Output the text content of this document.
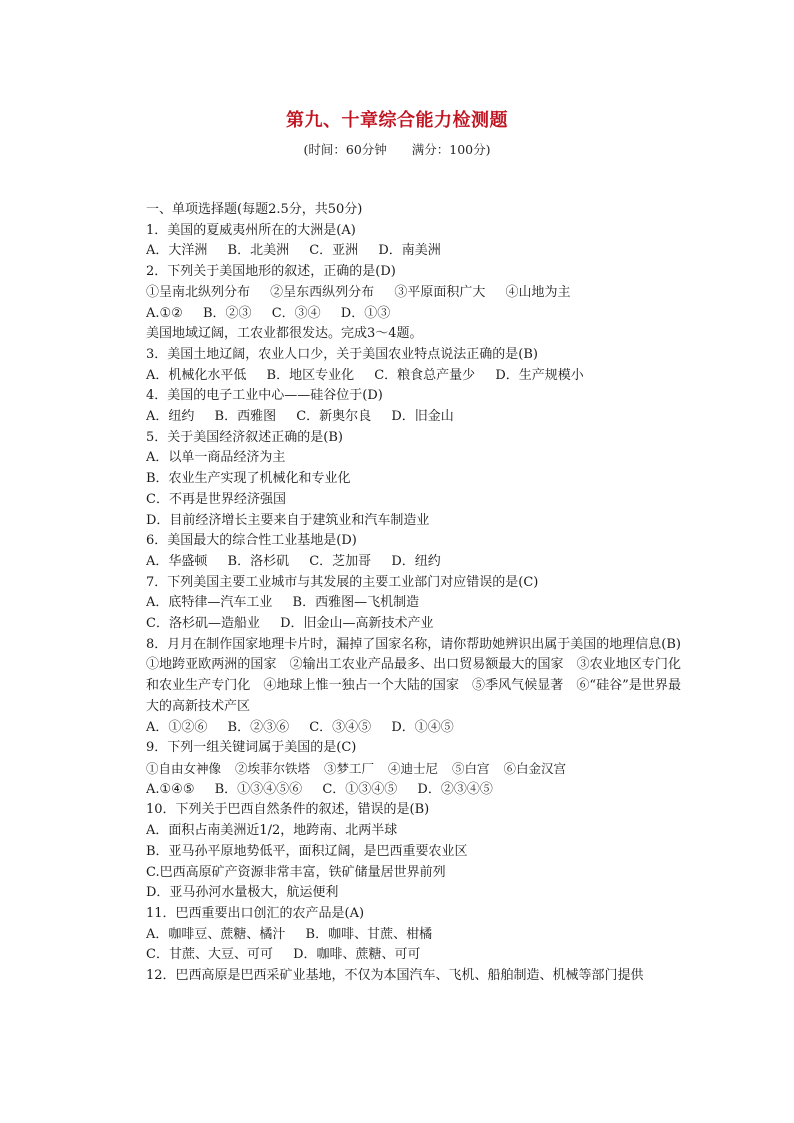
第九、十章综合能力检测题
(时间：60分钟　　满分：100分)
一、单项选择题(每题2.5分，共50分)
1．美国的夏威夷州所在的大洲是(A)
A．大洋洲 B．北美洲 C．亚洲 D．南美洲
2．下列关于美国地形的叙述，正确的是(D)
①呈南北纵列分布 ②呈东西纵列分布 ③平原面积广大 ④山地为主
A.①② B．②③ C．③④ D．①③
美国地域辽阔，工农业都很发达。完成3～4题。
3．美国土地辽阔，农业人口少，关于美国农业特点说法正确的是(B)
A．机械化水平低 B．地区专业化 C．粮食总产量少 D．生产规模小
4．美国的电子工业中心——硅谷位于(D)
A．纽约 B．西雅图 C．新奥尔良 D．旧金山
5．关于美国经济叙述正确的是(B)
A．以单一商品经济为主
B．农业生产实现了机械化和专业化
C．不再是世界经济强国
D．目前经济增长主要来自于建筑业和汽车制造业
6．美国最大的综合性工业基地是(D)
A．华盛顿 B．洛杉矶 C．芝加哥 D．纽约
7．下列美国主要工业城市与其发展的主要工业部门对应错误的是(C)
A．底特律—汽车工业 B．西雅图—飞机制造
C．洛杉矶—造船业 D．旧金山—高新技术产业
8．月月在制作国家地理卡片时，漏掉了国家名称，请你帮助她辨识出属于美国的地理信息(B)
①地跨亚欧两洲的国家　②输出工农业产品最多、出口贸易额最大的国家　③农业地区专门化和农业生产专门化　④地球上惟一独占一个大陆的国家　⑤季风气候显著　⑥“硅谷”是世界最大的高新技术产区
A．①②⑥ B．②③⑥ C．③④⑤ D．①④⑤
9．下列一组关键词属于美国的是(C)
①自由女神像 ②埃菲尔铁塔 ③梦工厂 ④迪士尼 ⑤白宫 ⑥白金汉宫
A.①④⑤ B．①③④⑤⑥ C．①③④⑤ D．②③④⑤
10．下列关于巴西自然条件的叙述，错误的是(B)
A．面积占南美洲近1/2，地跨南、北两半球
B．亚马孙平原地势低平，面积辽阔，是巴西重要农业区
C.巴西高原矿产资源非常丰富，铁矿储量居世界前列
D．亚马孙河水量极大，航运便利
11．巴西重要出口创汇的农产品是(A)
A．咖啡豆、蔗糖、橘汁 B．咖啡、甘蔗、柑橘
C．甘蔗、大豆、可可 D．咖啡、蔗糖、可可
12．巴西高原是巴西采矿业基地，不仅为本国汽车、飞机、船舶制造、机械等部门提供
